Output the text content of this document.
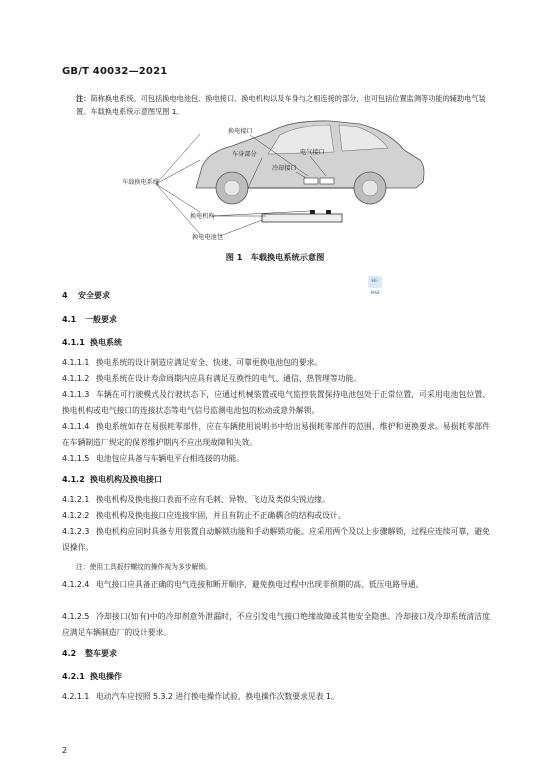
GB/T 40032—2021
注：简称换电系统。可包括换电电池包、换电接口、换电机构以及车身与之相连接的部分，也可包括位置监测等功能的辅助电气装置。车载换电系统示意图见图 1。
换电接口
车身部分	电气接口
冷却接口
车载换电系统
换电机构
换电电池包
图 1　车载换电系统示意图
Hi-HGI
4 安全要求
4.1 一般要求
4.1.1 换电系统
4.1.1.1 换电系统的设计制造应满足安全、快速、可靠更换电池包的要求。
4.1.1.2 换电系统在设计寿命周期内应具有满足互换性的电气、通信、热管理等功能。
4.1.1.3 车辆在可行驶模式及行驶状态下，应通过机械装置或电气监控装置保持电池包处于正常位置，可采用电池包位置、换电机构或电气接口的连接状态等电气信号监测电池包的松动或意外解锁。
4.1.1.4 换电系统如存在易损耗零部件，应在车辆使用说明书中给出易损耗零部件的范围、维护和更换要求。易损耗零部件在车辆制造厂规定的保养维护期内不应出现故障和失效。
4.1.1.5 电池包应具备与车辆电平台相连接的功能。
4.1.2 换电机构及换电接口
4.1.2.1 换电机构及换电接口表面不应有毛刺、异物、飞边及类似尖锐边缘。
4.1.2.2 换电机构及换电接口应连接牢固，并且有防止不正确耦合的结构或设计。
4.1.2.3 换电机构应同时具备专用装置自动解锁功能和手动解锁功能。应采用两个及以上步骤解锁，过程应连续可靠，避免误操作。
注：使用工具扳拧螺纹的操作视为多步解锁。
4.1.2.4 电气接口应具备正确的电气连接和断开顺序，避免换电过程中出现非预期的高、低压电路导通。
4.1.2.5 冷却接口(如有)中的冷却剂意外泄漏时，不应引发电气接口绝缘故障或其他安全隐患。冷却接口及冷却系统清洁度应满足车辆制造厂的设计要求。
4.2 整车要求
4.2.1 换电操作
4.2.1.1 电动汽车应按照 5.3.2 进行换电操作试验，换电操作次数要求见表 1。
2
